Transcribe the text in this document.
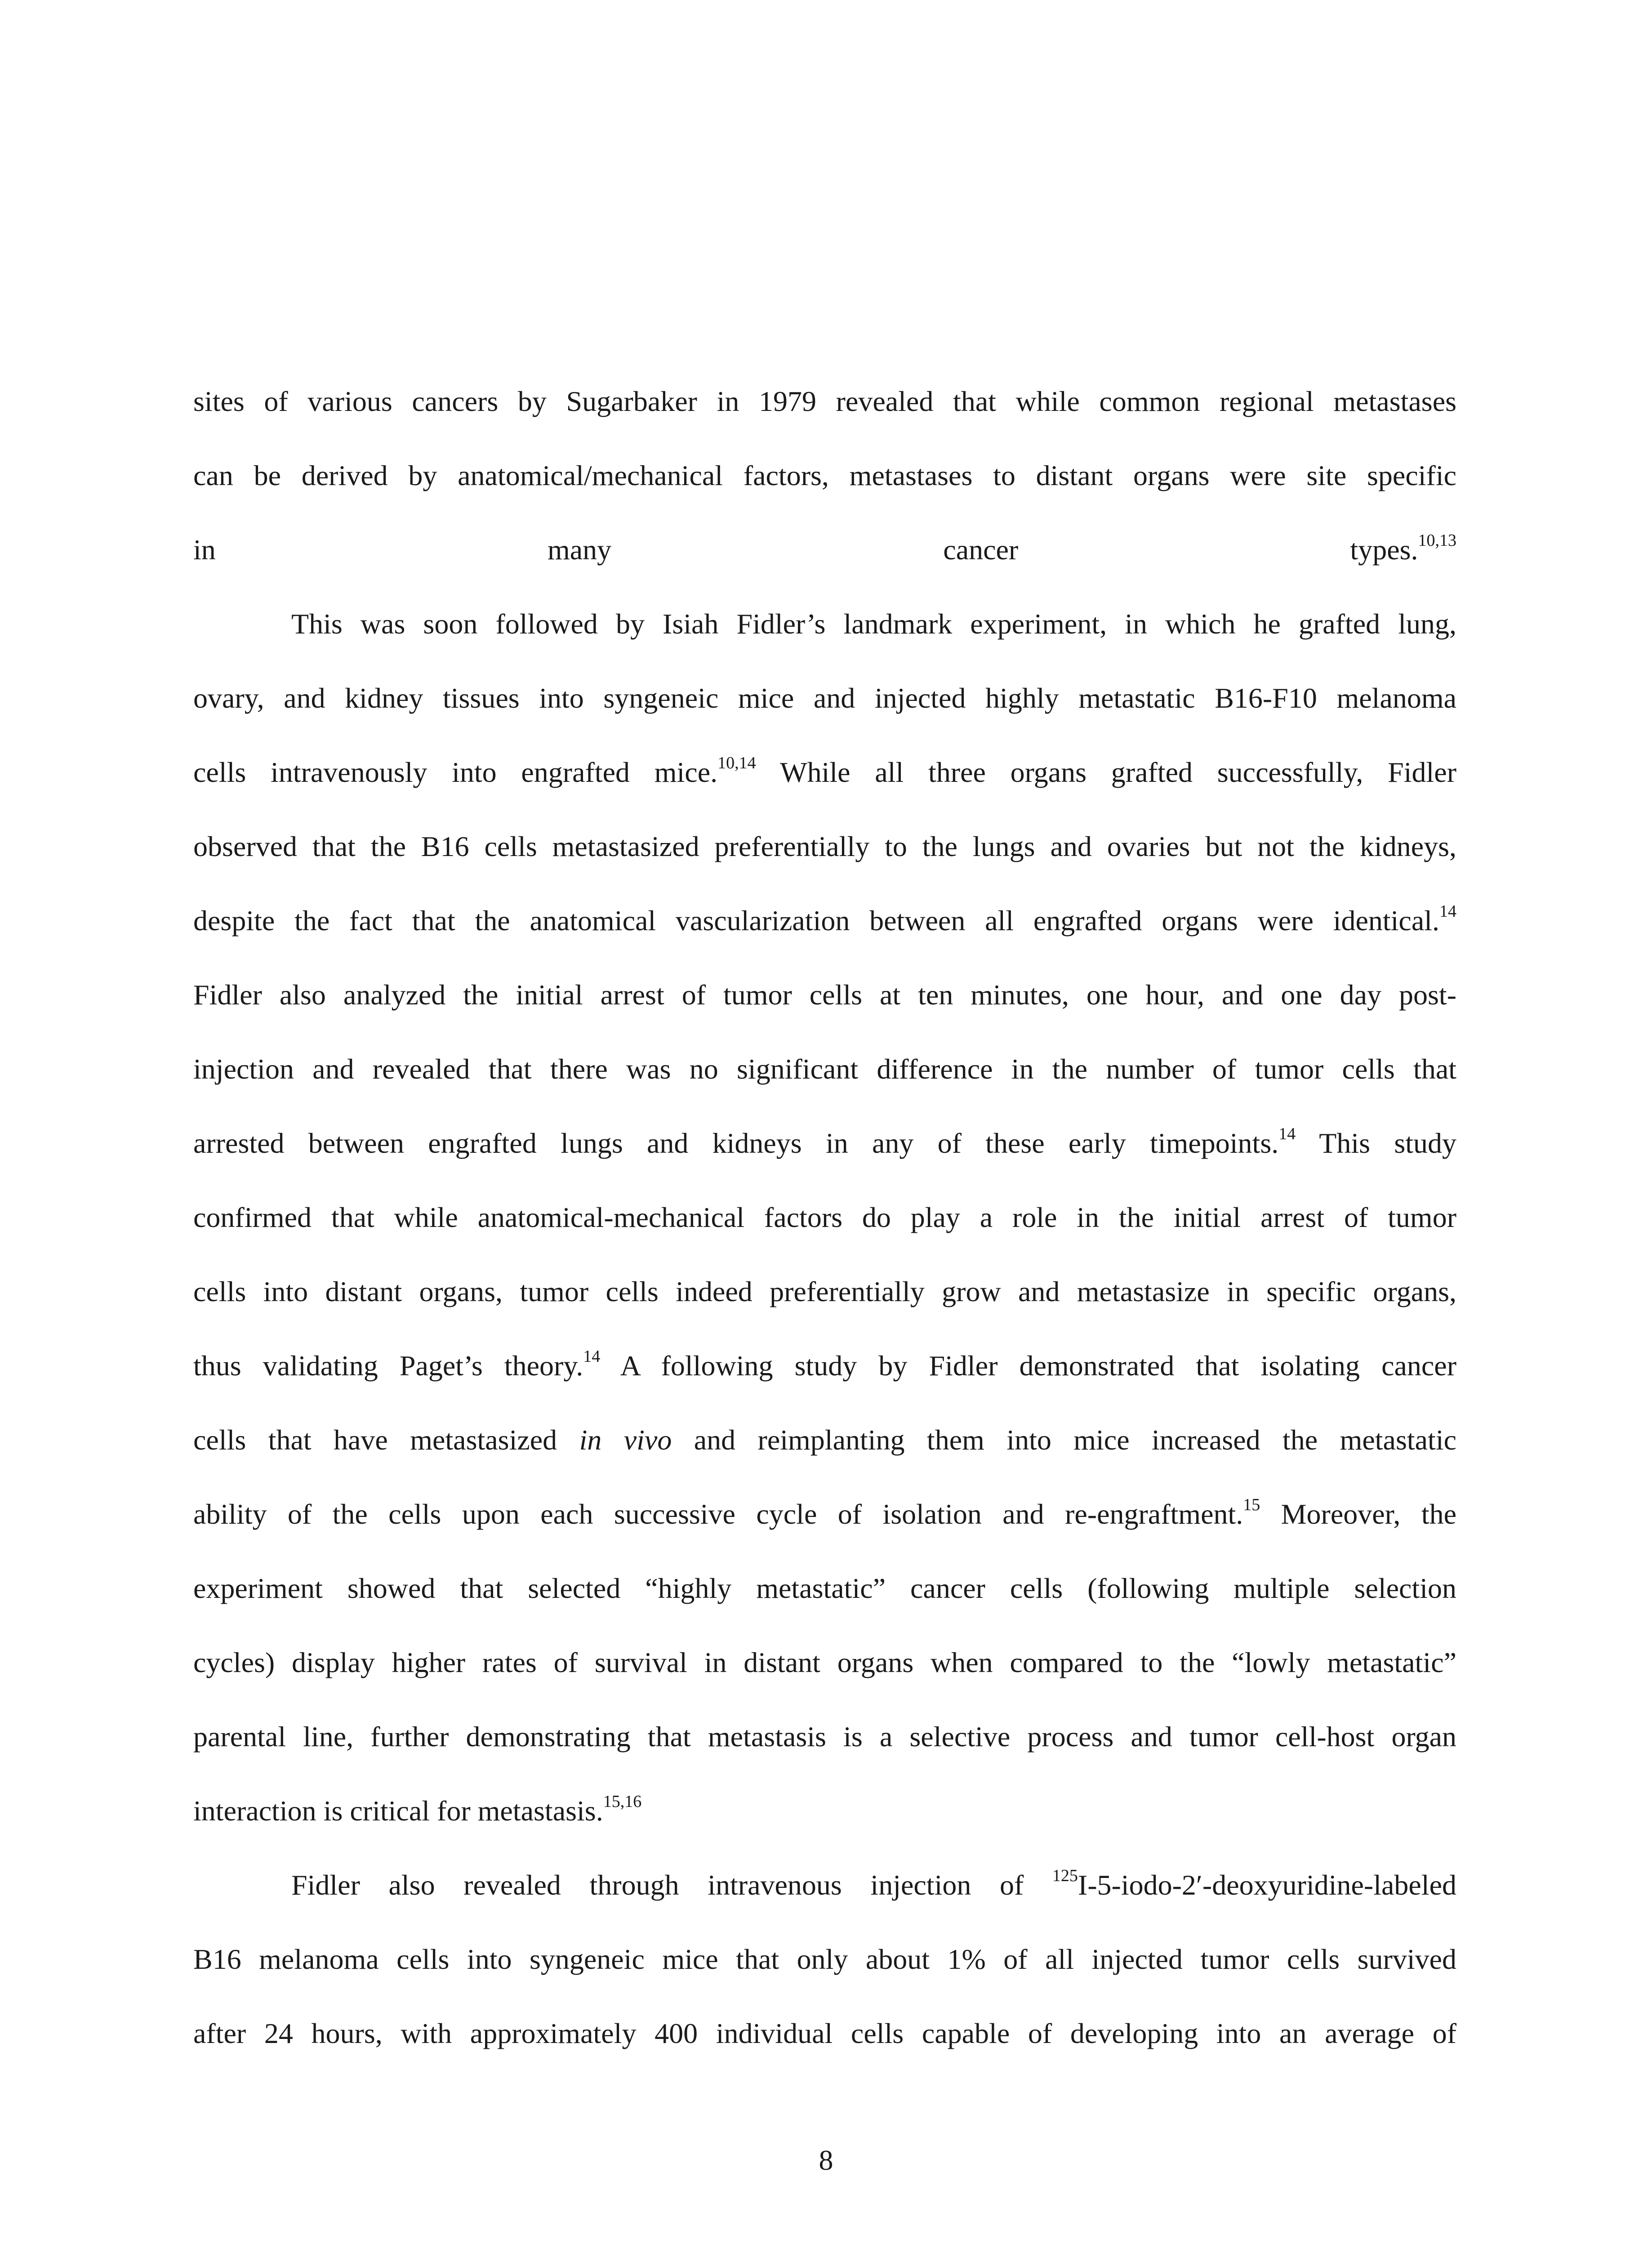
sites of various cancers by Sugarbaker in 1979 revealed that while common regional metastases
can be derived by anatomical/mechanical factors, metastases to distant organs were site specific
in many cancer types.$^{10,13}$
This was soon followed by Isiah Fidler’s landmark experiment, in which he grafted lung,
ovary, and kidney tissues into syngeneic mice and injected highly metastatic B16-F10 melanoma
cells intravenously into engrafted mice.$^{10,14}$ While all three organs grafted successfully, Fidler
observed that the B16 cells metastasized preferentially to the lungs and ovaries but not the kidneys,
despite the fact that the anatomical vascularization between all engrafted organs were identical.$^{14}$
Fidler also analyzed the initial arrest of tumor cells at ten minutes, one hour, and one day post-
injection and revealed that there was no significant difference in the number of tumor cells that
arrested between engrafted lungs and kidneys in any of these early timepoints.$^{14}$ This study
confirmed that while anatomical-mechanical factors do play a role in the initial arrest of tumor
cells into distant organs, tumor cells indeed preferentially grow and metastasize in specific organs,
thus validating Paget’s theory.$^{14}$ A following study by Fidler demonstrated that isolating cancer
cells that have metastasized in vivo and reimplanting them into mice increased the metastatic
ability of the cells upon each successive cycle of isolation and re-engraftment.$^{15}$ Moreover, the
experiment showed that selected “highly metastatic” cancer cells (following multiple selection
cycles) display higher rates of survival in distant organs when compared to the “lowly metastatic”
parental line, further demonstrating that metastasis is a selective process and tumor cell-host organ
interaction is critical for metastasis.$^{15,16}$
Fidler also revealed through intravenous injection of $^{125}$I-5-iodo-2′-deoxyuridine-labeled
B16 melanoma cells into syngeneic mice that only about 1% of all injected tumor cells survived
after 24 hours, with approximately 400 individual cells capable of developing into an average of
8
